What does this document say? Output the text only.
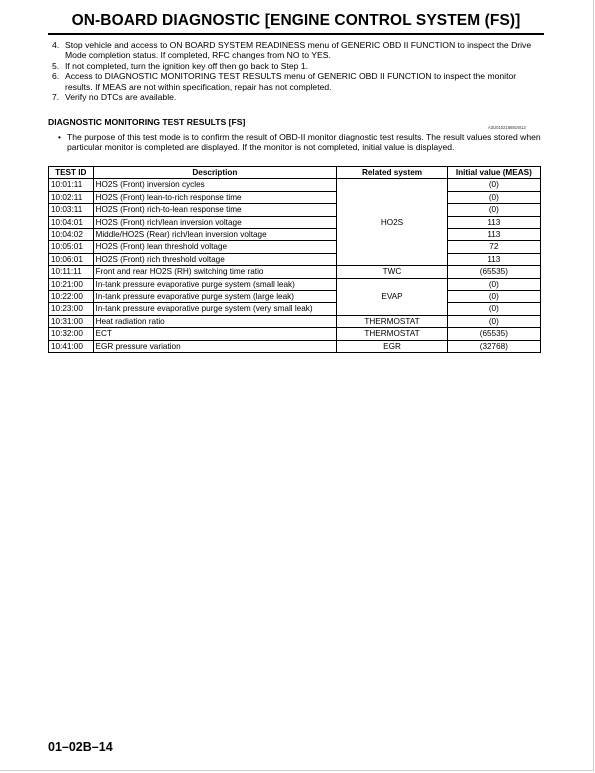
ON-BOARD DIAGNOSTIC [ENGINE CONTROL SYSTEM (FS)]
4. Stop vehicle and access to ON BOARD SYSTEM READINESS menu of GENERIC OBD II FUNCTION to inspect the Drive Mode completion status. If completed, RFC changes from NO to YES.
5. If not completed, turn the ignition key off then go back to Step 1.
6. Access to DIAGNOSTIC MONITORING TEST RESULTS menu of GENERIC OBD II FUNCTION to inspect the monitor results. If MEAS are not within specification, repair has not completed.
7. Verify no DTCs are available.
DIAGNOSTIC MONITORING TEST RESULTS [FS]
A3U010218881W13
• The purpose of this test mode is to confirm the result of OBD-II monitor diagnostic test results. The result values stored when particular monitor is completed are displayed. If the monitor is not completed, initial value is displayed.
TEST ID	Description	Related system	Initial value (MEAS)
10:01:11	HO2S (Front) inversion cycles	HO2S	(0)
10:02:11	HO2S (Front) lean-to-rich response time		(0)
10:03:11	HO2S (Front) rich-to-lean response time		(0)
10:04:01	HO2S (Front) rich/lean inversion voltage		113
10:04:02	Middle/HO2S (Rear) rich/lean inversion voltage		113
10:05:01	HO2S (Front) lean threshold voltage		72
10:06:01	HO2S (Front) rich threshold voltage		113
10:11:11	Front and rear HO2S (RH) switching time ratio	TWC	(65535)
10:21:00	In-tank pressure evaporative purge system (small leak)	EVAP	(0)
10:22:00	In-tank pressure evaporative purge system (large leak)		(0)
10:23:00	In-tank pressure evaporative purge system (very small leak)		(0)
10:31:00	Heat radiation ratio	THERMOSTAT	(0)
10:32:00	ECT	THERMOSTAT	(65535)
10:41:00	EGR pressure variation	EGR	(32768)
01–02B–14
